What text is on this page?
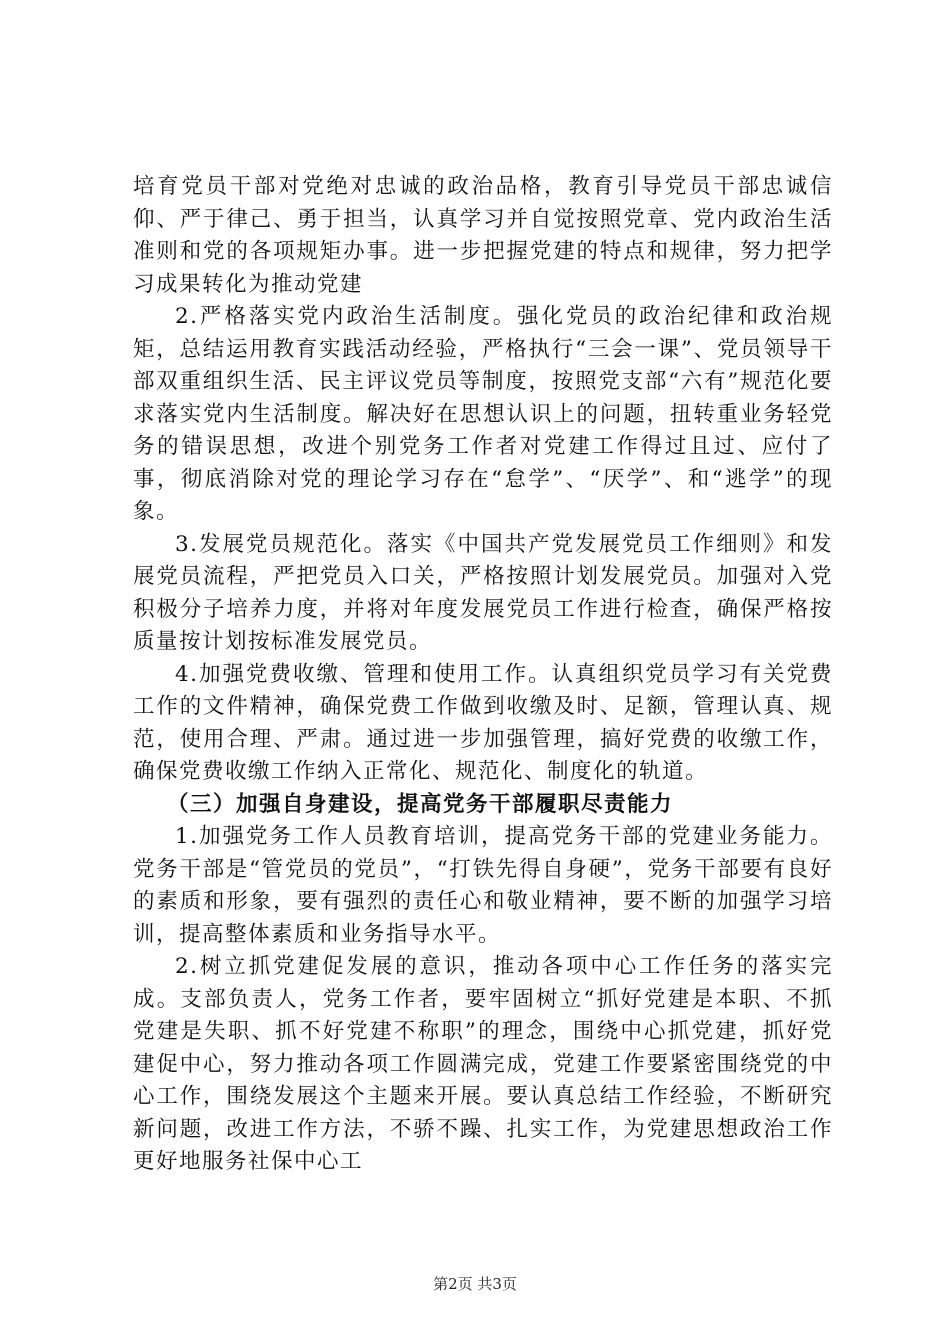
培育党员干部对党绝对忠诚的政治品格，教育引导党员干部忠诚信仰、严于律己、勇于担当，认真学习并自觉按照党章、党内政治生活准则和党的各项规矩办事。进一步把握党建的特点和规律，努力把学习成果转化为推动党建

2.严格落实党内政治生活制度。强化党员的政治纪律和政治规矩，总结运用教育实践活动经验，严格执行“三会一课”、党员领导干部双重组织生活、民主评议党员等制度，按照党支部“六有”规范化要求落实党内生活制度。解决好在思想认识上的问题，扭转重业务轻党务的错误思想，改进个别党务工作者对党建工作得过且过、应付了事，彻底消除对党的理论学习存在“怠学”、“厌学”、和“逃学”的现象。

3.发展党员规范化。落实《中国共产党发展党员工作细则》和发展党员流程，严把党员入口关，严格按照计划发展党员。加强对入党积极分子培养力度，并将对年度发展党员工作进行检查，确保严格按质量按计划按标准发展党员。

4.加强党费收缴、管理和使用工作。认真组织党员学习有关党费工作的文件精神，确保党费工作做到收缴及时、足额，管理认真、规范，使用合理、严肃。通过进一步加强管理，搞好党费的收缴工作，确保党费收缴工作纳入正常化、规范化、制度化的轨道。

（三）加强自身建设，提高党务干部履职尽责能力

1.加强党务工作人员教育培训，提高党务干部的党建业务能力。党务干部是“管党员的党员”，“打铁先得自身硬”，党务干部要有良好的素质和形象，要有强烈的责任心和敬业精神，要不断的加强学习培训，提高整体素质和业务指导水平。

2.树立抓党建促发展的意识，推动各项中心工作任务的落实完成。支部负责人，党务工作者，要牢固树立“抓好党建是本职、不抓党建是失职、抓不好党建不称职”的理念，围绕中心抓党建，抓好党建促中心，努力推动各项工作圆满完成，党建工作要紧密围绕党的中心工作，围绕发展这个主题来开展。要认真总结工作经验，不断研究新问题，改进工作方法，不骄不躁、扎实工作，为党建思想政治工作更好地服务社保中心工

第2页 共3页
